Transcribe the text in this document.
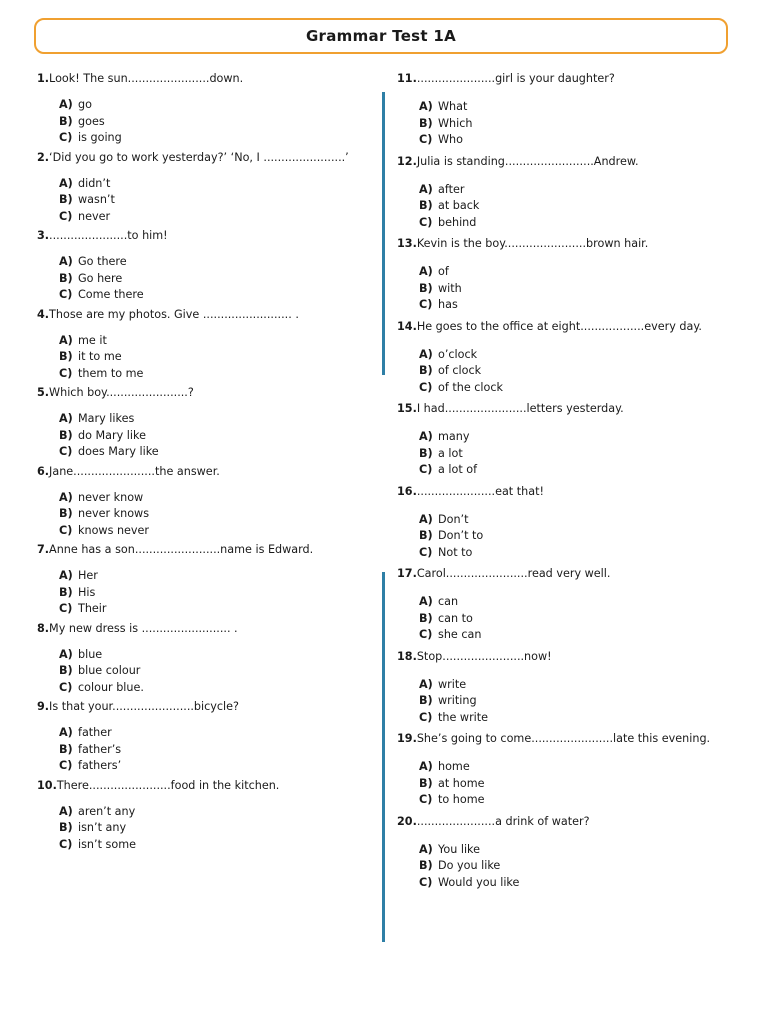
Grammar Test 1A
1. Look! The sun.......................down.
A) go
B) goes
C) is going
2. ‘Did you go to work yesterday?’ ‘No, I .......................’
A) didn’t
B) wasn’t
C) never
3. ......................to him!
A) Go there
B) Go here
C) Come there
4. Those are my photos. Give ......................... .
A) me it
B) it to me
C) them to me
5. Which boy.......................?
A) Mary likes
B) do Mary like
C) does Mary like
6. Jane.......................the answer.
A) never know
B) never knows
C) knows never
7. Anne has a son........................name is Edward.
A) Her
B) His
C) Their
8. My new dress is ......................... .
A) blue
B) blue colour
C) colour blue.
9. Is that your.......................bicycle?
A) father
B) father’s
C) fathers’
10. There.......................food in the kitchen.
A) aren’t any
B) isn’t any
C) isn’t some
11. ......................girl is your daughter?
A) What
B) Which
C) Who
12. Julia is standing.........................Andrew.
A) after
B) at back
C) behind
13. Kevin is the boy.......................brown hair.
A) of
B) with
C) has
14. He goes to the office at eight..................every day.
A) o’clock
B) of clock
C) of the clock
15. I had.......................letters yesterday.
A) many
B) a lot
C) a lot of
16. ......................eat that!
A) Don’t
B) Don’t to
C) Not to
17. Carol.......................read very well.
A) can
B) can to
C) she can
18. Stop.......................now!
A) write
B) writing
C) the write
19. She’s going to come.......................late this evening.
A) home
B) at home
C) to home
20. ......................a drink of water?
A) You like
B) Do you like
C) Would you like
